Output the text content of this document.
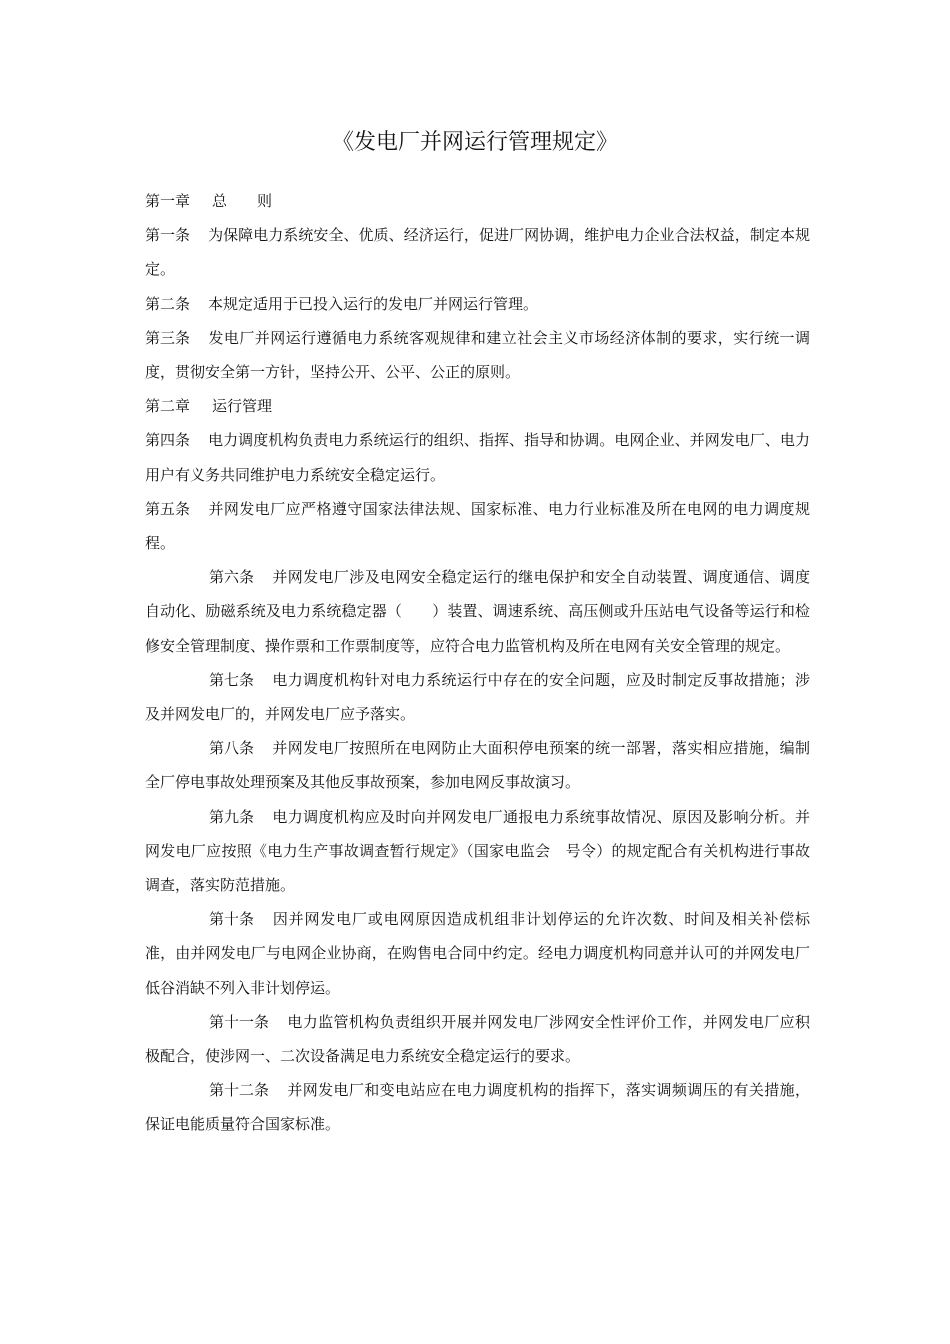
《发电厂并网运行管理规定》

第一章 总　　则

第一条 为保障电力系统安全、优质、经济运行，促进厂网协调，维护电力企业合法权益，制定本规定。

第二条 本规定适用于已投入运行的发电厂并网运行管理。

第三条 发电厂并网运行遵循电力系统客观规律和建立社会主义市场经济体制的要求，实行统一调度，贯彻安全第一方针，坚持公开、公平、公正的原则。

第二章 运行管理

第四条 电力调度机构负责电力系统运行的组织、指挥、指导和协调。电网企业、并网发电厂、电力用户有义务共同维护电力系统安全稳定运行。

第五条 并网发电厂应严格遵守国家法律法规、国家标准、电力行业标准及所在电网的电力调度规程。

第六条 并网发电厂涉及电网安全稳定运行的继电保护和安全自动装置、调度通信、调度自动化、励磁系统及电力系统稳定器（　　）装置、调速系统、高压侧或升压站电气设备等运行和检修安全管理制度、操作票和工作票制度等，应符合电力监管机构及所在电网有关安全管理的规定。

第七条 电力调度机构针对电力系统运行中存在的安全问题，应及时制定反事故措施；涉及并网发电厂的，并网发电厂应予落实。

第八条 并网发电厂按照所在电网防止大面积停电预案的统一部署，落实相应措施，编制全厂停电事故处理预案及其他反事故预案，参加电网反事故演习。

第九条 电力调度机构应及时向并网发电厂通报电力系统事故情况、原因及影响分析。并网发电厂应按照《电力生产事故调查暂行规定》（国家电监会　号令）的规定配合有关机构进行事故调查，落实防范措施。

第十条 因并网发电厂或电网原因造成机组非计划停运的允许次数、时间及相关补偿标准，由并网发电厂与电网企业协商，在购售电合同中约定。经电力调度机构同意并认可的并网发电厂低谷消缺不列入非计划停运。

第十一条 电力监管机构负责组织开展并网发电厂涉网安全性评价工作，并网发电厂应积极配合，使涉网一、二次设备满足电力系统安全稳定运行的要求。

第十二条 并网发电厂和变电站应在电力调度机构的指挥下，落实调频调压的有关措施，保证电能质量符合国家标准。
